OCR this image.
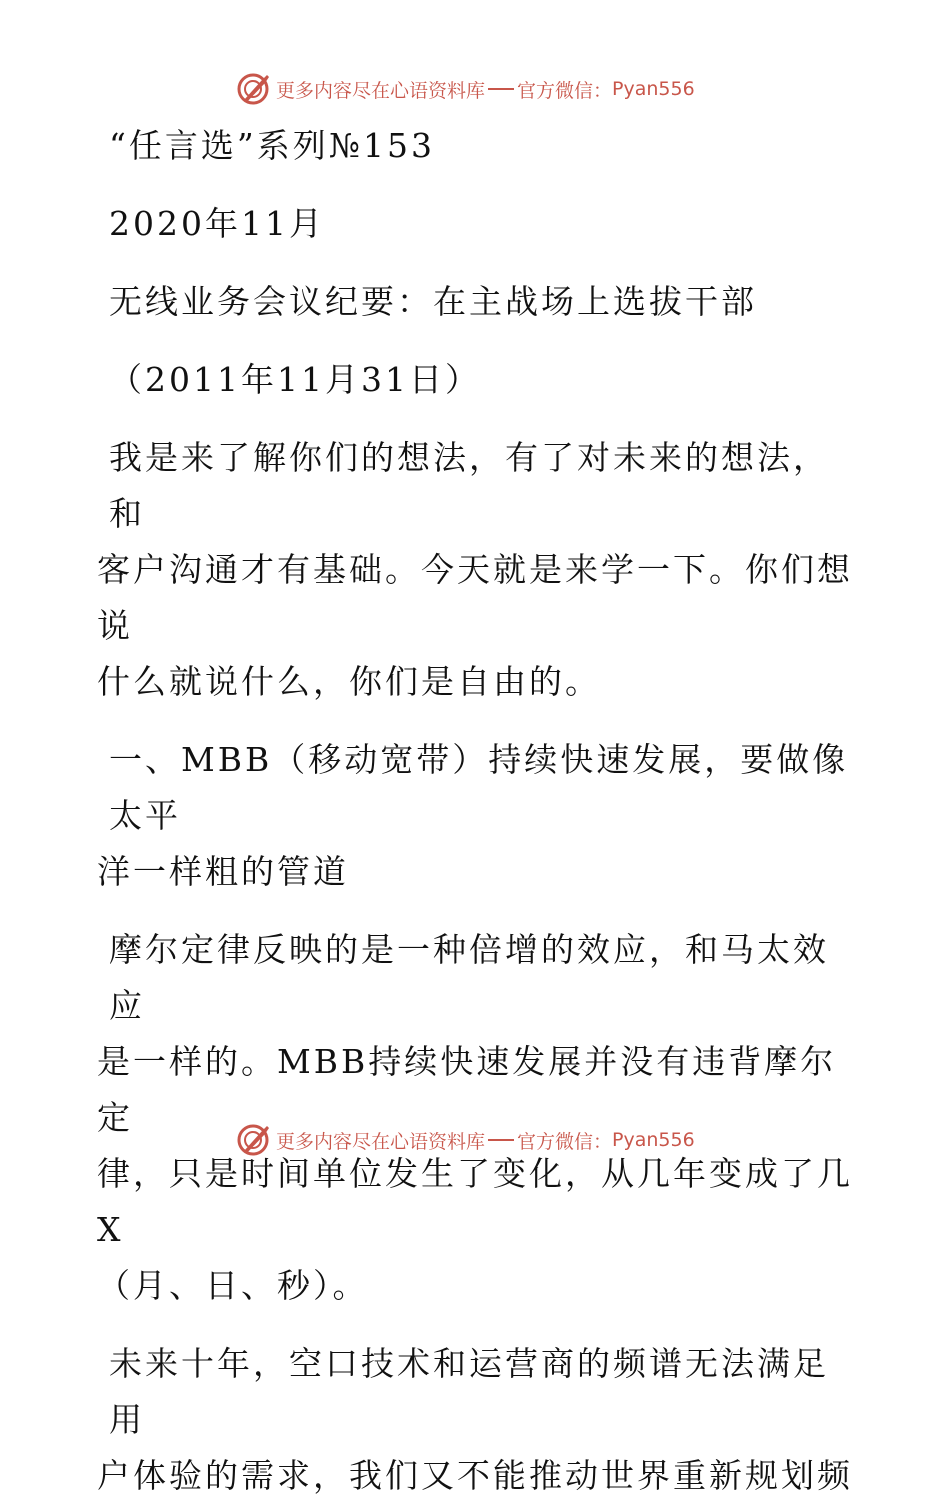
更多内容尽在心语资料库 官方微信： Pyan556

“任言选”系列№153

2020年11月

无线业务会议纪要：在主战场上选拔干部

（2011年11月31日）

我是来了解你们的想法，有了对未来的想法，和

客户沟通才有基础。今天就是来学一下。你们想说

什么就说什么，你们是自由的。

一、MBB（移动宽带）持续快速发展，要做像太平

洋一样粗的管道

摩尔定律反映的是一种倍增的效应，和马太效应

是一样的。MBB持续快速发展并没有违背摩尔定

律，只是时间单位发生了变化，从几年变成了几X

（月、日、秒）。

未来十年，空口技术和运营商的频谱无法满足用

户体验的需求，我们又不能推动世界重新规划频

更多内容尽在心语资料库 官方微信： Pyan556
